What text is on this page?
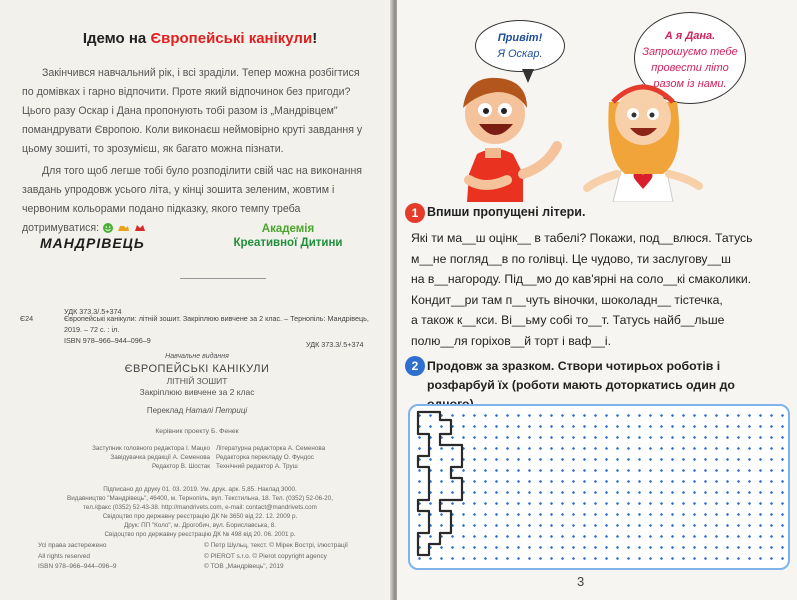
Ідемо на Європейські канікули!

Закінчився навчальний рік, і всі зраділи. Тепер можна розбігтися по домівках і гарно відпочити. Проте який відпочинок без пригоди? Цього разу Оскар і Дана пропонують тобі разом із „Мандрівцем" помандрувати Європою. Коли виконаєш неймовірно круті завдання у цьому зошиті, то зрозумієш, як багато можна пізнати.

Для того щоб легше тобі було розподілити свій час на виконання завдань упродовж усього літа, у кінці зошита зеленим, жовтим і червоним кольорами подано підказку, якого темпу треба дотримуватися:

МАНДРІВЕЦЬ
Академія
Креативної Дитини
УДК 373.3/.5+374
Є24	Європейські канікули: літній зошит. Закріплюю вивчене за 2 клас. – Тернопіль: Мандрівець, 2019. – 72 с. : іл.
ISBN 978–966–944–096–9	УДК 373.3/.5+374
Навчальне видання
ЄВРОПЕЙСЬКІ КАНІКУЛИ
ЛІТНІЙ ЗОШИТ
Закріплюю вивчене за 2 клас
Переклад Наталі Петриці
Керівник проекту Б. Фенек
Заступник головного редактора І. Мацко Літературна редакторка А. Семенова
Завідувачка редакції А. Семенова Редакторка перекладу О. Фундос
Редактор В. Шостак Технічний редактор А. Труш
Підписано до друку 01. 03. 2019. Ум. друк. арк. 5,85. Наклад 3000.
Видавництво "Мандрівець", 46400, м. Тернопіль, вул. Текстильна, 18. Тел. (0352) 52-06-20,
тел./факс (0352) 52-43-38. http://mandrivets.com, e-mail: contact@mandrivets.com
Свідоцтво про державну реєстрацію ДК № 3650 від 22. 12. 2009 р.
Друк: ПП "Коло", м. Дрогобич, вул. Бориславська, 8.
Свідоцтво про державну реєстрацію ДК № 498 від 20. 06. 2001 р.
Усі права застережено
All rights reserved
ISBN 978–966–944–096–9
© Петр Шульц, текст. © Мірек Вострі, ілюстрації
© PIEROT s.r.o. © Pierot copyright agency
© ТОВ „Мандрівець", 2019
Привіт!
Я Оскар.
А я Дана.
Запрошуємо тебе провести літо разом із нами.
1 Впиши пропущені літери.
Які ти ма__ш оцінк__ в табелі? Покажи, под__влюся. Татусь
м__не погляд__в по голівці. Це чудово, ти заслугову__ш
на в__нагороду. Під__мо до кав'ярні на соло__кі смаколики.
Кондит__ри там п__чуть віночки, шоколадн__ тістечка,
а також к__кси. Ві__ьму собі то__т. Татусь найб__льше
полю__ля горіхов__й торт і ваф__і.
2 Продовж за зразком. Створи чотирьох роботів і розфарбуй їх (роботи мають доторкатись один до
3
